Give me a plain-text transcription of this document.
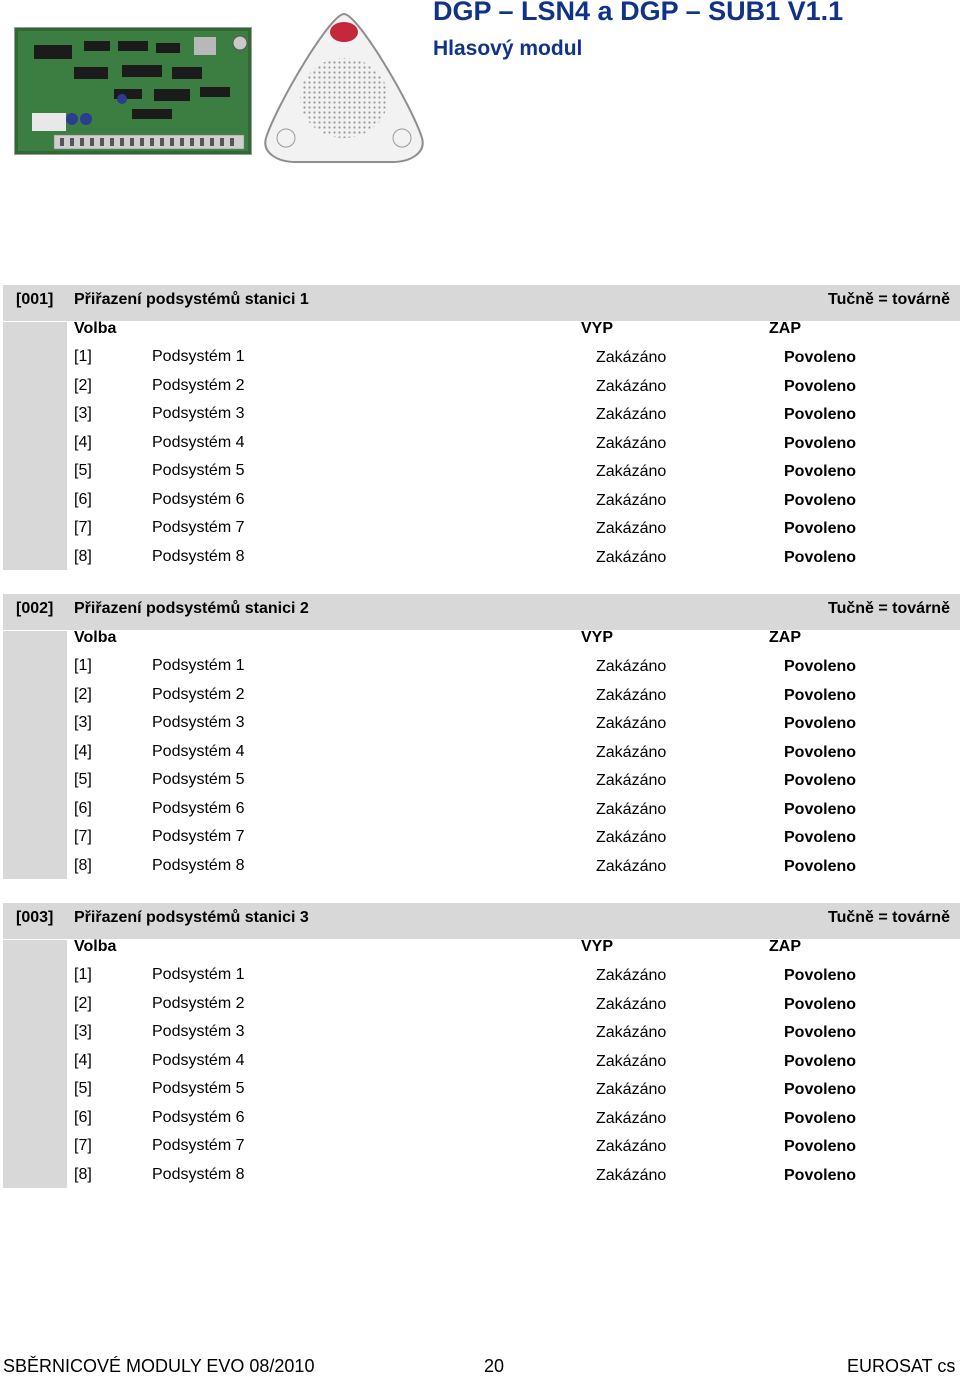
DGP – LSN4 a DGP – SUB1 V1.1
Hlasový modul
[001] Přiřazení podsystémů stanici 1	Tučně = továrně
Volba	VYP	ZAP
[1]	Podsystém 1	Zakázáno	Povoleno
[2]	Podsystém 2	Zakázáno	Povoleno
[3]	Podsystém 3	Zakázáno	Povoleno
[4]	Podsystém 4	Zakázáno	Povoleno
[5]	Podsystém 5	Zakázáno	Povoleno
[6]	Podsystém 6	Zakázáno	Povoleno
[7]	Podsystém 7	Zakázáno	Povoleno
[8]	Podsystém 8	Zakázáno	Povoleno
[002] Přiřazení podsystémů stanici 2	Tučně = továrně
Volba	VYP	ZAP
[1]	Podsystém 1	Zakázáno	Povoleno
[2]	Podsystém 2	Zakázáno	Povoleno
[3]	Podsystém 3	Zakázáno	Povoleno
[4]	Podsystém 4	Zakázáno	Povoleno
[5]	Podsystém 5	Zakázáno	Povoleno
[6]	Podsystém 6	Zakázáno	Povoleno
[7]	Podsystém 7	Zakázáno	Povoleno
[8]	Podsystém 8	Zakázáno	Povoleno
[003] Přiřazení podsystémů stanici 3	Tučně = továrně
Volba	VYP	ZAP
[1]	Podsystém 1	Zakázáno	Povoleno
[2]	Podsystém 2	Zakázáno	Povoleno
[3]	Podsystém 3	Zakázáno	Povoleno
[4]	Podsystém 4	Zakázáno	Povoleno
[5]	Podsystém 5	Zakázáno	Povoleno
[6]	Podsystém 6	Zakázáno	Povoleno
[7]	Podsystém 7	Zakázáno	Povoleno
[8]	Podsystém 8	Zakázáno	Povoleno
SBĚRNICOVÉ MODULY EVO 08/2010	20	EUROSAT cs
